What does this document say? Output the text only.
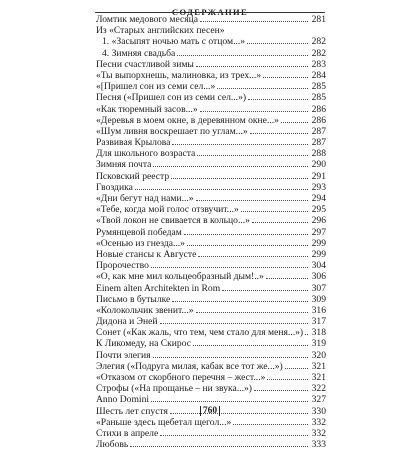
СОДЕРЖАНИЕ
Ломтик медового месяца	281
Из «Старых английских песен»
1. «Засыпят ночью мать с отцом...»	282
4. Зимняя свадьба	282
Песни счастливой зимы	283
«Ты выпорхнешь, малиновка, из трех...»	284
«[Пришел сон из семи сел...»	285
Песня («Пришел сон из семи сел...»)	285
«Как тюремный засов...»	286
«Деревья в моем окне, в деревянном окне...»	286
«Шум ливня воскрешает по углам...»	287
Развивая Крылова	287
Для школьного возраста	288
Зимняя почта	290
Псковский реестр	291
Гвоздика	293
«Дни бегут над нами...»	294
«Тебе, когда мой голос отзвучит...»	295
«Твой локон не свивается в кольцо...»	296
Румянцевой победам	297
«Осенью из гнезда...»	299
Новые стансы к Августе	299
Пророчество	304
«О, как мне мил кольцеобразный дым!..»	306
Einem alten Architekten in Rom	307
Письмо в бутылке	309
«Колокольчик звенит...»	316
Дидона и Эней	317
Сонет («Как жаль, что тем, чем стало для меня...») 318
К Ликомеду, на Скирос	319
Почти элегия	320
Элегия («Подруга милая, кабак все тот же...»)	321
«Отказом от скорбного перечня – жест...»	321
Строфы («На прощанье – ни звука...»)	322
Anno Domini	327
Шесть лет спустя	330
«Раньше здесь щебетал щегол...»	332
Стихи в апреле	332
Любовь	333
760
